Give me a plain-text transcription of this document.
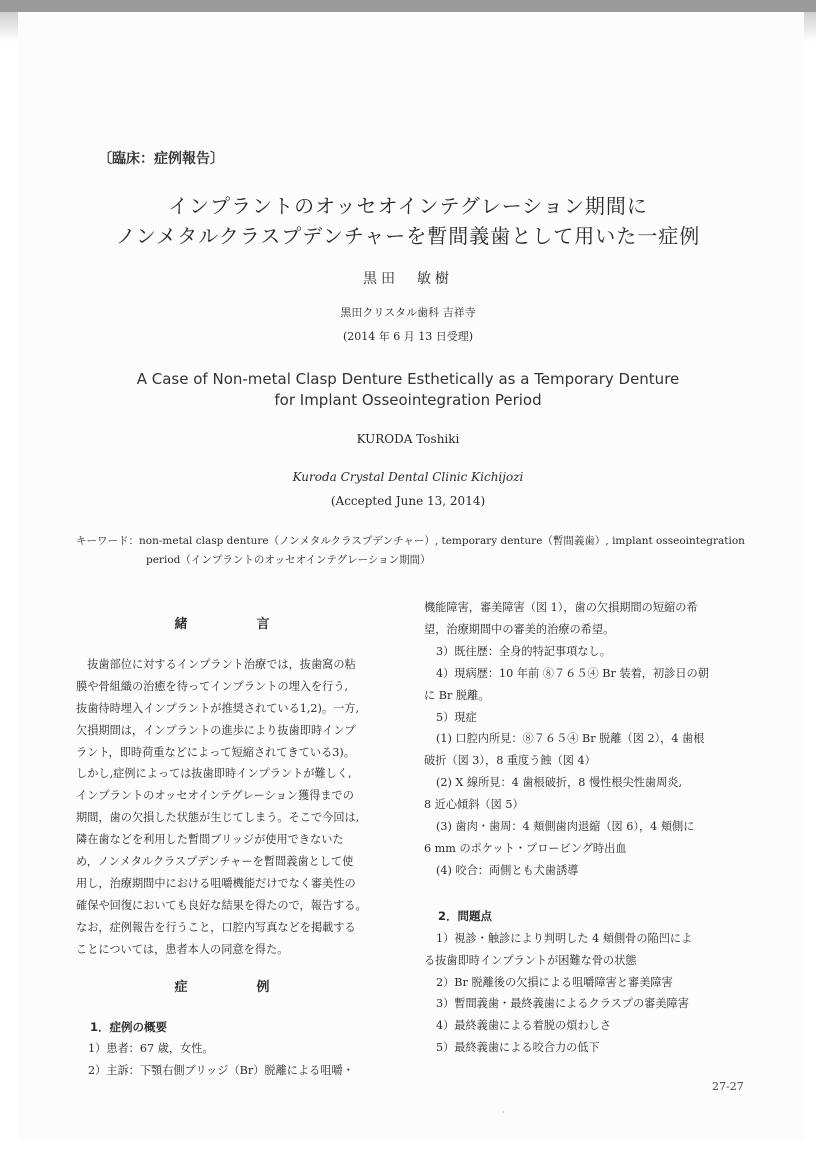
〔臨床：症例報告〕
インプラントのオッセオインテグレーション期間に
ノンメタルクラスプデンチャーを暫間義歯として用いた一症例
黒田　敏樹
黒田クリスタル歯科 吉祥寺
(2014 年 6 月 13 日受理)
A Case of Non-metal Clasp Denture Esthetically as a Temporary Denture
for Implant Osseointegration Period
KURODA Toshiki
Kuroda Crystal Dental Clinic Kichijozi
(Accepted June 13, 2014)
キーワード：non-metal clasp denture（ノンメタルクラスプデンチャー）, temporary denture（暫間義歯）, implant osseointegration
period（インプラントのオッセオインテグレーション期間）
緒　言
抜歯部位に対するインプラント治療では，抜歯窩の粘
膜や骨組織の治癒を待ってインプラントの埋入を行う,
抜歯待時埋入インプラントが推奨されている1,2)。一方,
欠損期間は，インプラントの進歩により抜歯即時インプ
ラント，即時荷重などによって短縮されてきている3)。
しかし,症例によっては抜歯即時インプラントが難しく,
インプラントのオッセオインテグレーション獲得までの
期間，歯の欠損した状態が生じてしまう。そこで今回は,
隣在歯などを利用した暫間ブリッジが使用できないた
め，ノンメタルクラスプデンチャーを暫間義歯として使
用し，治療期間中における咀嚼機能だけでなく審美性の
確保や回復においても良好な結果を得たので，報告する。
なお，症例報告を行うこと，口腔内写真などを掲載する
ことについては，患者本人の同意を得た。
症　例
1．症例の概要
1）患者：67 歳，女性。
2）主訴：下顎右側ブリッジ（Br）脱離による咀嚼・
機能障害，審美障害（図 1），歯の欠損期間の短縮の希
望，治療期間中の審美的治療の希望。
3）既往歴：全身的特記事項なし。
4）現病歴：10 年前 ⑧７６５④ Br 装着，初診日の朝
に Br 脱離。
5）現症
(1) 口腔内所見：⑧７６５④ Br 脱離（図 2），4 歯根
破折（図 3），8 重度う蝕（図 4）
(2) X 線所見：4 歯根破折，8 慢性根尖性歯周炎,
8 近心傾斜（図 5）
(3) 歯肉・歯周：4 頬側歯肉退縮（図 6），4 頬側に
6 mm のポケット・プロービング時出血
(4) 咬合：両側とも犬歯誘導
2．問題点
1）視診・触診により判明した 4 頬側骨の陥凹によ
る抜歯即時インプラントが困難な骨の状態
2）Br 脱離後の欠損による咀嚼障害と審美障害
3）暫間義歯・最終義歯によるクラスプの審美障害
4）最終義歯による着脱の煩わしさ
5）最終義歯による咬合力の低下
27-27
·
